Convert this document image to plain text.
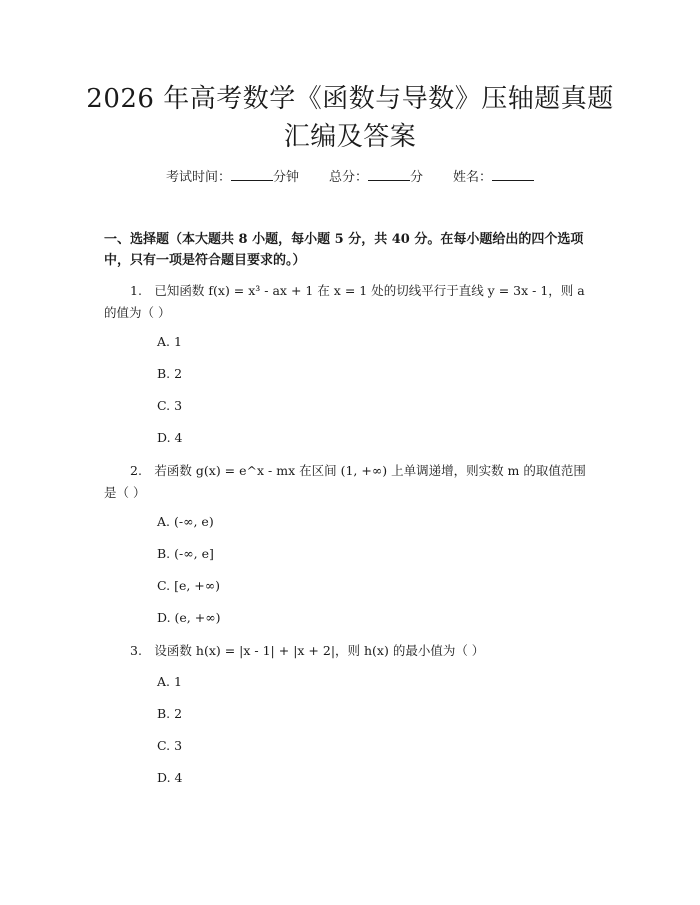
2026 年高考数学《函数与导数》压轴题真题
汇编及答案
考试时间：	分钟 总分：	分 姓名：
一、选择题（本大题共 8 小题，每小题 5 分，共 40 分。在每小题给出的四个选项中，只有一项是符合题目要求的。）
1.　已知函数 f(x) = x³ - ax + 1 在 x = 1 处的切线平行于直线 y = 3x - 1，则 a 的值为（ ）
A. 1
B. 2
C. 3
D. 4
2.　若函数 g(x) = e^x - mx 在区间 (1, +∞) 上单调递增，则实数 m 的取值范围是（ ）
A. (-∞, e)
B. (-∞, e]
C. [e, +∞)
D. (e, +∞)
3.　设函数 h(x) = |x - 1| + |x + 2|，则 h(x) 的最小值为（ ）
A. 1
B. 2
C. 3
D. 4
